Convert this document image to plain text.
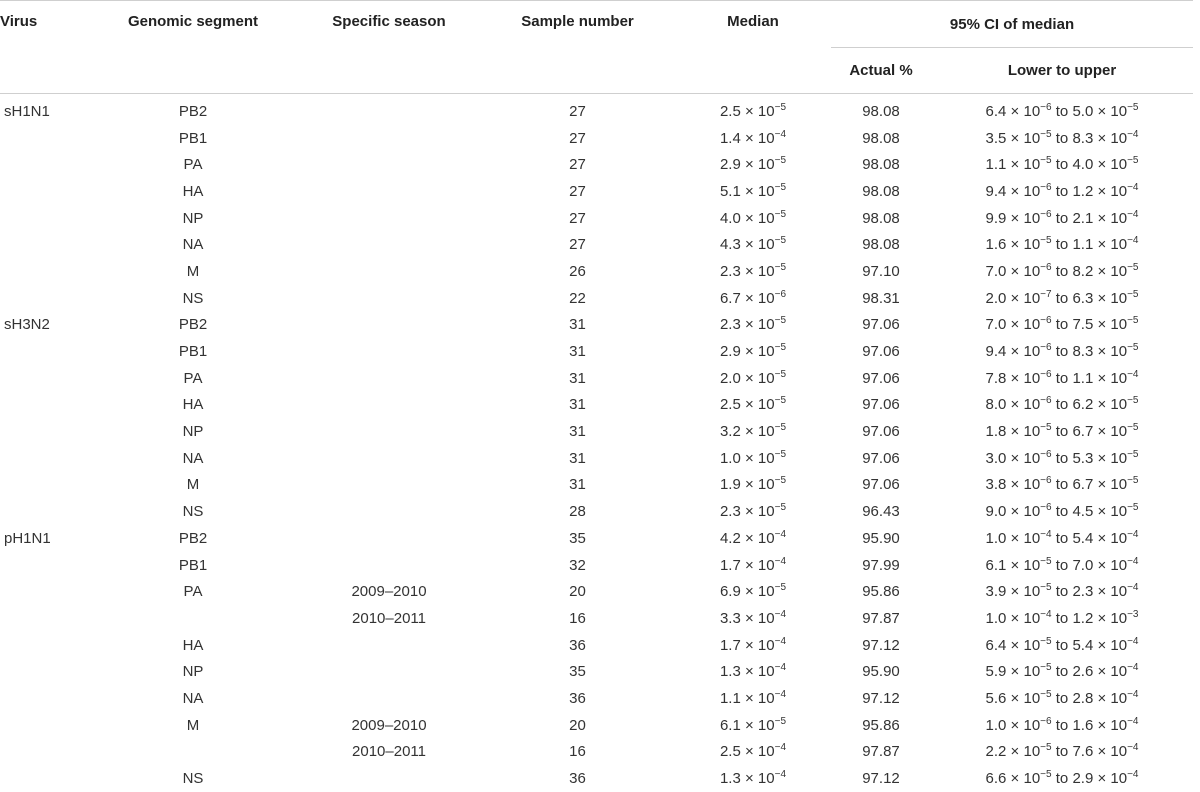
Virus	Genomic segment	Specific season	Sample number	Median	95% CI of median	
					Actual %	Lower to upper
sH1N1	PB2		27	$2.5 \times 10^{-5}$	98.08	$6.4 \times 10^{-6}$ to $5.0 \times 10^{-5}$
	PB1		27	$1.4 \times 10^{-4}$	98.08	$3.5 \times 10^{-5}$ to $8.3 \times 10^{-4}$
	PA		27	$2.9 \times 10^{-5}$	98.08	$1.1 \times 10^{-5}$ to $4.0 \times 10^{-5}$
	HA		27	$5.1 \times 10^{-5}$	98.08	$9.4 \times 10^{-6}$ to $1.2 \times 10^{-4}$
	NP		27	$4.0 \times 10^{-5}$	98.08	$9.9 \times 10^{-6}$ to $2.1 \times 10^{-4}$
	NA		27	$4.3 \times 10^{-5}$	98.08	$1.6 \times 10^{-5}$ to $1.1 \times 10^{-4}$
	M		26	$2.3 \times 10^{-5}$	97.10	$7.0 \times 10^{-6}$ to $8.2 \times 10^{-5}$
	NS		22	$6.7 \times 10^{-6}$	98.31	$2.0 \times 10^{-7}$ to $6.3 \times 10^{-5}$
sH3N2	PB2		31	$2.3 \times 10^{-5}$	97.06	$7.0 \times 10^{-6}$ to $7.5 \times 10^{-5}$
	PB1		31	$2.9 \times 10^{-5}$	97.06	$9.4 \times 10^{-6}$ to $8.3 \times 10^{-5}$
	PA		31	$2.0 \times 10^{-5}$	97.06	$7.8 \times 10^{-6}$ to $1.1 \times 10^{-4}$
	HA		31	$2.5 \times 10^{-5}$	97.06	$8.0 \times 10^{-6}$ to $6.2 \times 10^{-5}$
	NP		31	$3.2 \times 10^{-5}$	97.06	$1.8 \times 10^{-5}$ to $6.7 \times 10^{-5}$
	NA		31	$1.0 \times 10^{-5}$	97.06	$3.0 \times 10^{-6}$ to $5.3 \times 10^{-5}$
	M		31	$1.9 \times 10^{-5}$	97.06	$3.8 \times 10^{-6}$ to $6.7 \times 10^{-5}$
	NS		28	$2.3 \times 10^{-5}$	96.43	$9.0 \times 10^{-6}$ to $4.5 \times 10^{-5}$
pH1N1	PB2		35	$4.2 \times 10^{-4}$	95.90	$1.0 \times 10^{-4}$ to $5.4 \times 10^{-4}$
	PB1		32	$1.7 \times 10^{-4}$	97.99	$6.1 \times 10^{-5}$ to $7.0 \times 10^{-4}$
	PA	2009–2010	20	$6.9 \times 10^{-5}$	95.86	$3.9 \times 10^{-5}$ to $2.3 \times 10^{-4}$
		2010–2011	16	$3.3 \times 10^{-4}$	97.87	$1.0 \times 10^{-4}$ to $1.2 \times 10^{-3}$
	HA		36	$1.7 \times 10^{-4}$	97.12	$6.4 \times 10^{-5}$ to $5.4 \times 10^{-4}$
	NP		35	$1.3 \times 10^{-4}$	95.90	$5.9 \times 10^{-5}$ to $2.6 \times 10^{-4}$
	NA		36	$1.1 \times 10^{-4}$	97.12	$5.6 \times 10^{-5}$ to $2.8 \times 10^{-4}$
	M	2009–2010	20	$6.1 \times 10^{-5}$	95.86	$1.0 \times 10^{-6}$ to $1.6 \times 10^{-4}$
		2010–2011	16	$2.5 \times 10^{-4}$	97.87	$2.2 \times 10^{-5}$ to $7.6 \times 10^{-4}$
	NS		36	$1.3 \times 10^{-4}$	97.12	$6.6 \times 10^{-5}$ to $2.9 \times 10^{-4}$
